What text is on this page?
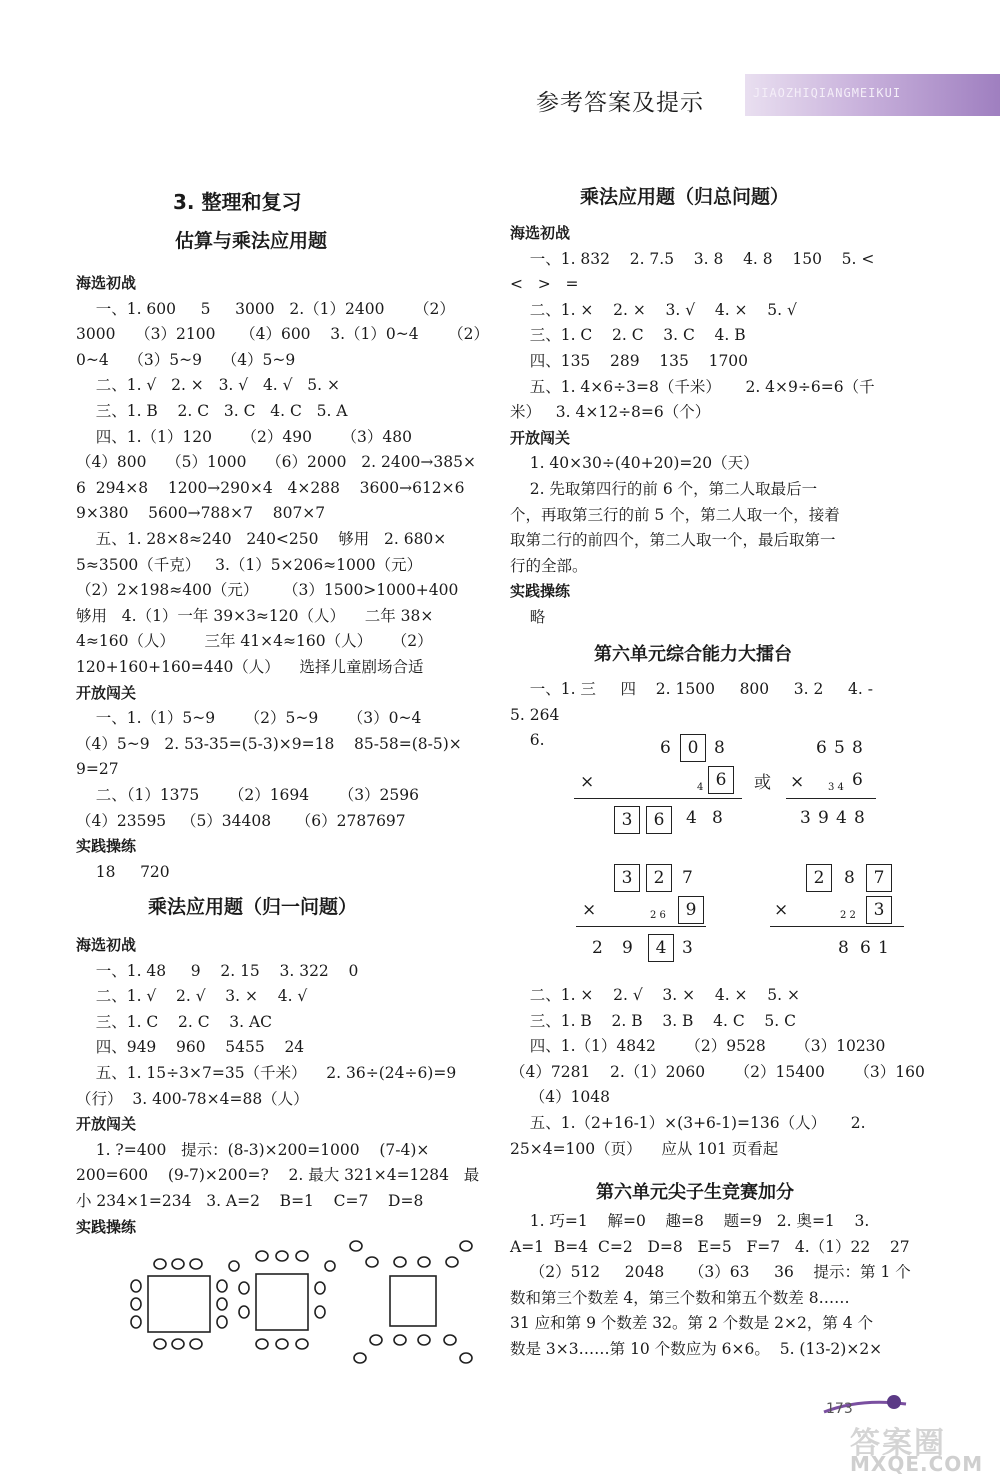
参考答案及提示	JIAOZHIQIANGMEIKUI
3. 整理和复习
估算与乘法应用题
海选初战
一、1. 600     5     3000   2.（1）2400      （2）
3000    （3）2100     （4）600    3.（1）0~4      （2）
0~4    （3）5~9    （4）5~9
二、1. √   2. ×   3. √   4. √   5. ×
三、1. B    2. C   3. C   4. C   5. A
四、1.（1）120      （2）490      （3）480
（4）800    （5）1000    （6）2000   2. 2400→385×
6  294×8    1200→290×4   4×288    3600→612×6
9×380    5600→788×7    807×7
五、1. 28×8≈240   240<250    够用   2. 680×
5≈3500（千克）   3.（1）5×206≈1000（元）
（2）2×198≈400（元）     （3）1500>1000+400
够用   4.（1）一年 39×3≈120（人）    二年 38×
4≈160（人）      三年 41×4≈160（人）    （2）
120+160+160=440（人）    选择儿童剧场合适
开放闯关
一、1.（1）5~9      （2）5~9      （3）0~4
（4）5~9   2. 53-35=(5-3)×9=18    85-58=(8-5)×
9=27
二、（1）1375      （2）1694      （3）2596
（4）23595   （5）34408     （6）2787697
实践操练
18     720
乘法应用题（归一问题）
海选初战
一、1. 48     9    2. 15    3. 322    0
二、1. √    2. √    3. ×    4. √
三、1. C    2. C    3. AC
四、949    960    5455    24
五、1. 15÷3×7=35（千米）    2. 36÷(24÷6)=9
（行）  3. 400-78×4=88（人）
开放闯关
1. ?=400   提示：(8-3)×200=1000    (7-4)×
200=600    (9-7)×200=?    2. 最大 321×4=1284   最
小 234×1=234   3. A=2    B=1    C=7    D=8
实践操练
乘法应用题（归总问题）
海选初战
一、1. 832    2. 7.5    3. 8    4. 8    150    5. <
<   >   =
二、1. ×    2. ×    3. √    4. ×    5. √
三、1. C    2. C    3. C    4. B
四、135    289    135    1700
五、1. 4×6÷3=8（千米）     2. 4×9÷6=6（千
米）   3. 4×12÷8=6（个）
开放闯关
1. 40×30÷(40+20)=20（天）
2. 先取第四行的前 6 个，第二人取最后一
个，再取第三行的前 5 个，第二人取一个，接着
取第二行的前四个，第二人取一个，最后取第一
行的全部。
实践操练
略
第六单元综合能力大擂台
一、1. 三     四    2. 1500     800     3. 2     4. -
5. 264
6.	6 0 8
×	4 6
3	6	4 8
或
6 5 8
× 3 4 6
3 9 4 8
3	2	7
×	2 6	9
2 9	4 3
2	8	7
×	2 2	3
8 6 1
二、1. ×    2. √    3. ×    4. ×    5. ×
三、1. B    2. B    3. B    4. C    5. C
四、1.（1）4842      （2）9528      （3）10230
（4）7281    2.（1）2060      （2）15400      （3）160
（4）1048
五、1.（2+16-1）×(3+6-1)=136（人）     2.
25×4=100（页）    应从 101 页看起
第六单元尖子生竞赛加分
1. 巧=1    解=0    趣=8    题=9   2. 奥=1    3.
A=1  B=4  C=2   D=8   E=5   F=7   4.（1）22    27
（2）512     2048     （3）63     36    提示：第 1 个
数和第三个数差 4，第三个数和第五个数差 8……
31 应和第 9 个数差 32。第 2 个数是 2×2，第 4 个
数是 3×3……第 10 个数应为 6×6。  5. (13-2)×2×
173
答案圈
MXQE.COM
